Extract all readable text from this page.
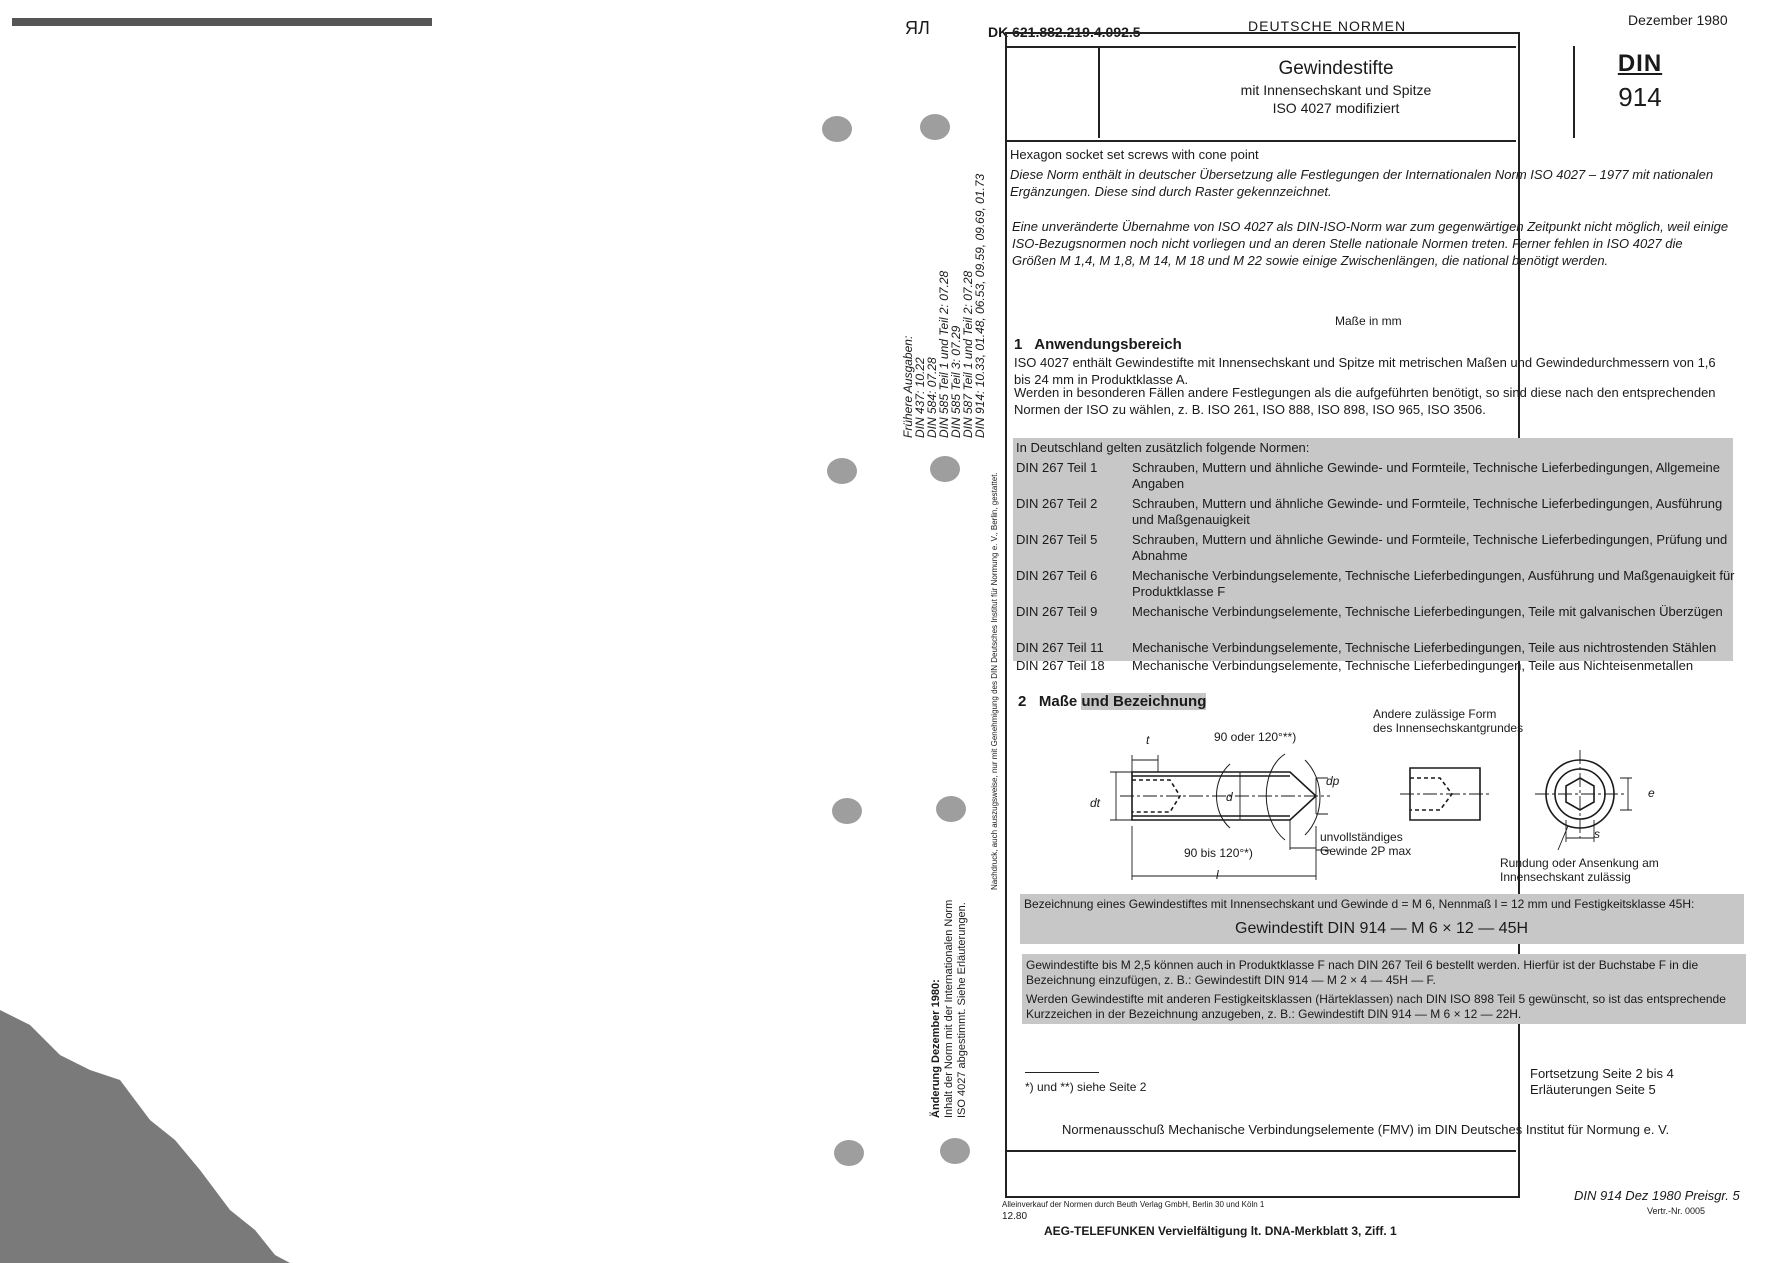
ЯЛ
Frühere Ausgaben:
DIN 437: 10.22
DIN 584: 07.28
DIN 585 Teil 1 und Teil 2: 07.28
DIN 585 Teil 3: 07.29
DIN 587 Teil 1 und Teil 2: 07.28
DIN 914: 10.33, 01.48, 06.53, 09.59, 09.69, 01.73
Nachdruck, auch auszugsweise, nur mit Genehmigung des DIN Deutsches Institut für Normung e. V., Berlin, gestattet.
Änderung Dezember 1980: Inhalt der Norm mit der Internationalen Norm ISO 4027 abgestimmt. Siehe Erläuterungen.
DK 621.882.219.4.092.5	DEUTSCHE NORMEN	Dezember 1980
Gewindestifte
mit Innensechskant und Spitze
ISO 4027 modifiziert
DIN
914
Hexagon socket set screws with cone point
Diese Norm enthält in deutscher Übersetzung alle Festlegungen der Internationalen Norm ISO 4027 – 1977 mit nationalen Ergänzungen. Diese sind durch Raster gekennzeichnet.
Eine unveränderte Übernahme von ISO 4027 als DIN-ISO-Norm war zum gegenwärtigen Zeitpunkt nicht möglich, weil einige ISO-Bezugsnormen noch nicht vorliegen und an deren Stelle nationale Normen treten. Ferner fehlen in ISO 4027 die Größen M 1,4, M 1,8, M 14, M 18 und M 22 sowie einige Zwischenlängen, die national benötigt werden.
Maße in mm
1 Anwendungsbereich
ISO 4027 enthält Gewindestifte mit Innensechskant und Spitze mit metrischen Maßen und Gewindedurchmessern von 1,6 bis 24 mm in Produktklasse A.
Werden in besonderen Fällen andere Festlegungen als die aufgeführten benötigt, so sind diese nach den entsprechenden Normen der ISO zu wählen, z. B. ISO 261, ISO 888, ISO 898, ISO 965, ISO 3506.
In Deutschland gelten zusätzlich folgende Normen:
DIN 267 Teil 1	Schrauben, Muttern und ähnliche Gewinde- und Formteile, Technische Lieferbedingungen, Allgemeine Angaben
DIN 267 Teil 2	Schrauben, Muttern und ähnliche Gewinde- und Formteile, Technische Lieferbedingungen, Ausführung und Maßgenauigkeit
DIN 267 Teil 5	Schrauben, Muttern und ähnliche Gewinde- und Formteile, Technische Lieferbedingungen, Prüfung und Abnahme
DIN 267 Teil 6	Mechanische Verbindungselemente, Technische Lieferbedingungen, Ausführung und Maßgenauigkeit für Produktklasse F
DIN 267 Teil 9	Mechanische Verbindungselemente, Technische Lieferbedingungen, Teile mit galvanischen Überzügen
DIN 267 Teil 11	Mechanische Verbindungselemente, Technische Lieferbedingungen, Teile aus nichtrostenden Stählen
DIN 267 Teil 18	Mechanische Verbindungselemente, Technische Lieferbedingungen, Teile aus Nichteisenmetallen
2 Maße und Bezeichnung
Andere zulässige Form
des Innensechskantgrundes
90 oder 120°**)
t
dt	d
dp
90 bis 120°*)
l
e
s
unvollständiges
Gewinde 2P max
Rundung oder Ansenkung am
Innensechskant zulässig
Bezeichnung eines Gewindestiftes mit Innensechskant und Gewinde d = M 6, Nennmaß l = 12 mm und Festigkeitsklasse 45H:
Gewindestift DIN 914 — M 6 × 12 — 45H
Gewindestifte bis M 2,5 können auch in Produktklasse F nach DIN 267 Teil 6 bestellt werden. Hierfür ist der Buchstabe F in die Bezeichnung einzufügen, z. B.: Gewindestift DIN 914 — M 2 × 4 — 45H — F.
Werden Gewindestifte mit anderen Festigkeitsklassen (Härteklassen) nach DIN ISO 898 Teil 5 gewünscht, so ist das entsprechende Kurzzeichen in der Bezeichnung anzugeben, z. B.: Gewindestift DIN 914 — M 6 × 12 — 22H.
*) und **) siehe Seite 2
Fortsetzung Seite 2 bis 4
Erläuterungen Seite 5
Normenausschuß Mechanische Verbindungselemente (FMV) im DIN Deutsches Institut für Normung e. V.
Alleinverkauf der Normen durch Beuth Verlag GmbH, Berlin 30 und Köln 1
12.80
DIN 914 Dez 1980 Preisgr. 5
Vertr.-Nr. 0005
AEG-TELEFUNKEN Vervielfältigung lt. DNA-Merkblatt 3, Ziff. 1
